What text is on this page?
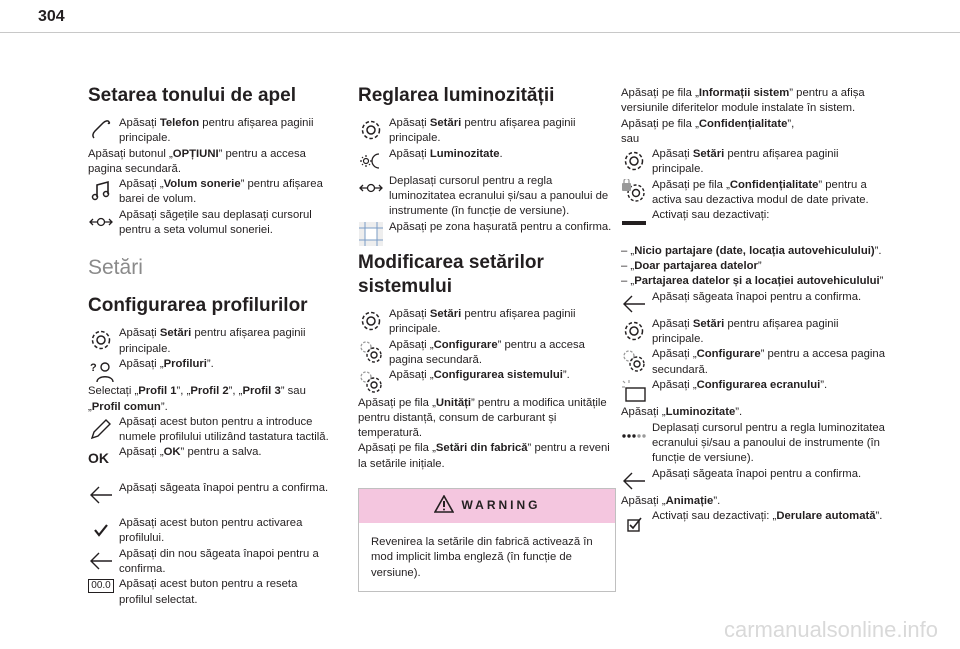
304
Setarea tonului de apel

Apăsați Telefon pentru afișarea paginii principale.

Apăsați butonul „OPȚIUNI” pentru a accesa pagina secundară.

Apăsați „Volum sonerie” pentru afișarea barei de volum.

Apăsați săgețile sau deplasați cursorul pentru a seta volumul soneriei.

Setări
Configurarea profilurilor

Apăsați Setări pentru afișarea paginii principale.

? Apăsați „Profiluri”.

Selectați „Profil 1”, „Profil 2”, „Profil 3” sau „Profil comun”.

Apăsați acest buton pentru a introduce numele profilului utilizând tastatura tactilă.

OK Apăsați „OK” pentru a salva.

Apăsați săgeata înapoi pentru a confirma.

Apăsați acest buton pentru activarea profilului.

Apăsați din nou săgeata înapoi pentru a confirma.

00.0 Apăsați acest buton pentru a reseta profilul selectat.

Reglarea luminozității

Apăsați Setări pentru afișarea paginii principale.

Apăsați Luminozitate.

Deplasați cursorul pentru a regla luminozitatea ecranului și/sau a panoului de instrumente (în funcție de versiune).

Apăsați pe zona hașurată pentru a confirma.

Modificarea setărilor sistemului

Apăsați Setări pentru afișarea paginii principale.

Apăsați „Configurare” pentru a accesa pagina secundară.

Apăsați „Configurarea sistemului”.

Apăsați pe fila „Unități” pentru a modifica unitățile pentru distanță, consum de carburant și temperatură.

Apăsați pe fila „Setări din fabrică” pentru a reveni la setările inițiale.

WARNING

Revenirea la setările din fabrică activează în mod implicit limba engleză (în funcție de versiune).

Apăsați pe fila „Informații sistem” pentru a afișa versiunile diferitelor module instalate în sistem.

Apăsați pe fila „Confidențialitate”,

sau

Apăsați Setări pentru afișarea paginii principale.

Apăsați pe fila „Confidențialitate” pentru a activa sau dezactiva modul de date private.

Activați sau dezactivați:

– „Nicio partajare (date, locația autovehiculului)”.

– „Doar partajarea datelor”

– „Partajarea datelor și a locației autovehiculului”

Apăsați săgeata înapoi pentru a confirma.

Apăsați Setări pentru afișarea paginii principale.

Apăsați „Configurare” pentru a accesa pagina secundară.

Apăsați „Configurarea ecranului”.

Apăsați „Luminozitate”.

Deplasați cursorul pentru a regla luminozitatea ecranului și/sau a panoului de instrumente (în funcție de versiune).

Apăsați săgeata înapoi pentru a confirma.

Apăsați „Animație”.

Activați sau dezactivați: „Derulare automată”.

carmanualsonline.info
